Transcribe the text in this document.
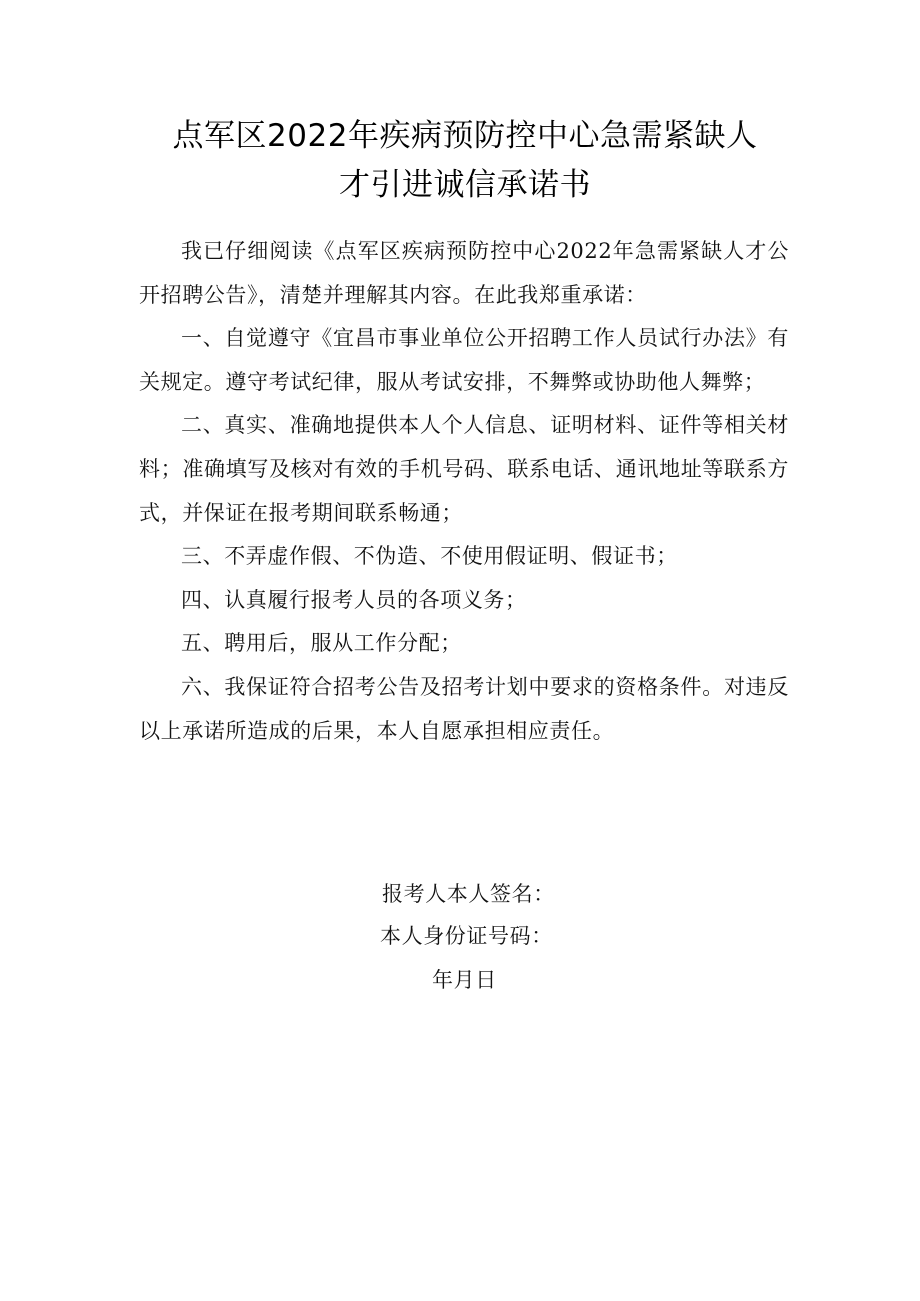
点军区2022年疾病预防控中心急需紧缺人
才引进诚信承诺书

我已仔细阅读《点军区疾病预防控中心2022年急需紧缺人才公开招聘公告》，清楚并理解其内容。在此我郑重承诺：

一、自觉遵守《宜昌市事业单位公开招聘工作人员试行办法》有关规定。遵守考试纪律，服从考试安排，不舞弊或协助他人舞弊；

二、真实、准确地提供本人个人信息、证明材料、证件等相关材料；准确填写及核对有效的手机号码、联系电话、通讯地址等联系方式，并保证在报考期间联系畅通；

三、不弄虚作假、不伪造、不使用假证明、假证书；

四、认真履行报考人员的各项义务；

五、聘用后，服从工作分配；

六、我保证符合招考公告及招考计划中要求的资格条件。对违反以上承诺所造成的后果，本人自愿承担相应责任。

报考人本人签名：
本人身份证号码：
年月日
